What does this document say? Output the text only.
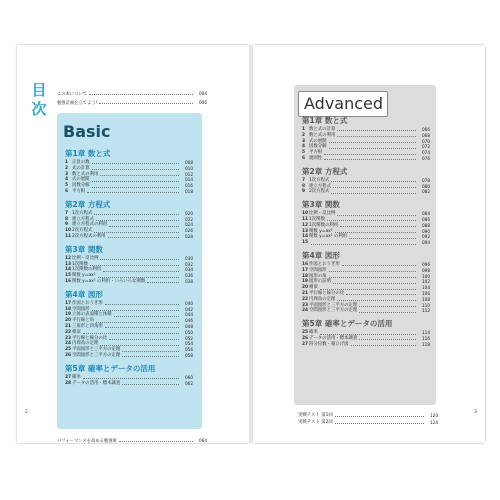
目次
この本について	004
勉強計画を立てよう!	006
Basic
第1章 数と式
1 正負の数	008
2 式の計算	010
3 数と式の利用	012
4 式の展開	014
5 因数分解	016
6 平方根	018
第2章 方程式
7 1次方程式	020
8 連立方程式	022
9 連立方程式の利用	024
10 2次方程式	026
11 2次方程式の利用	028
第3章 関数
12 比例・反比例	030
13 1次関数	032
14 1次関数の利用	034
15 関数 y=ax²	036
16 関数 y=ax² の利用・いろいろな関数	038
第4章 図形
17 作図とおうぎ形	040
18 空間図形	042
19 立体の表面積と体積	044
20 平行線と角	046
21 三角形と四角形	048
22 相似	050
23 平行線と線分の比	052
24 円周角の定理	054
25 平面図形と三平方の定理	056
26 空間図形と三平方の定理	058
第5章 確率とデータの活用
27 確率	060
28 データの活用・標本調査	062
パフォーマンスを高める勉強術	064
2
Advanced
第1章 数と式
1 数と式の計算	066
2 数と式の利用	068
3 式の展開	070
4 因数分解	072
5 平方根	074
6 規則性	076
第2章 方程式
7 1次方程式	078
8 連立方程式	080
9 2次方程式	082
第3章 関数
10 比例・反比例	084
11 1次関数	086
12 1次関数の利用	088
13 関数 y=ax²	090
14 関数 y=ax² の利用	092
15	094
第4章 図形
16 作図とおうぎ形	096
17 空間図形	098
18 図形の角	100
19 図形の証明	102
20 相似	104
21 平行線と線分の比	106
22 円周角の定理	108
23 平面図形と三平方の定理	110
24 空間図形と三平方の定理	112
第5章 確率とデータの活用
25 確率	114
26 データの活用・標本調査	116
27 四分位数・箱ひげ図	118
実戦テスト 第1回	120
実戦テスト 第2回	124
3
